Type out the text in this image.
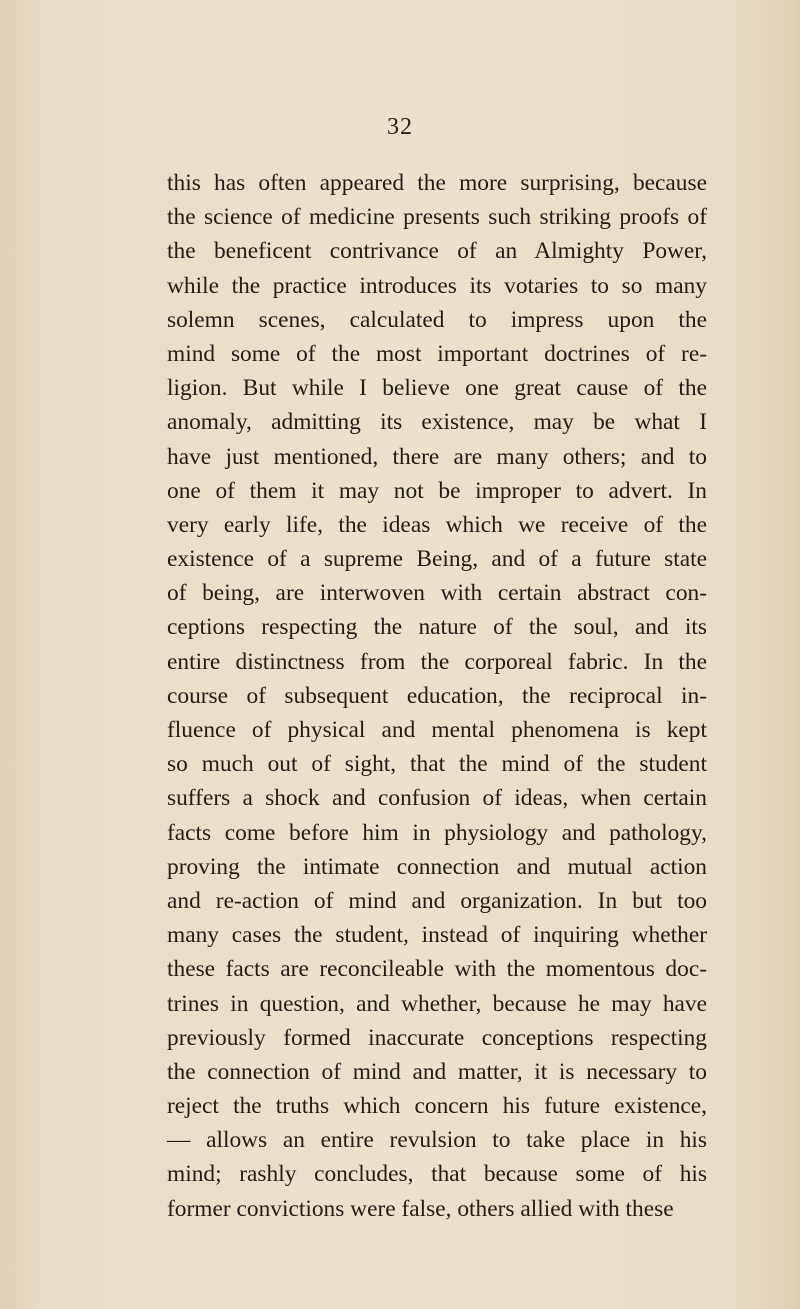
32
this has often appeared the more surprising, because
the science of medicine presents such striking proofs of
the beneficent contrivance of an Almighty Power,
while the practice introduces its votaries to so many
solemn scenes, calculated to impress upon the
mind some of the most important doctrines of re-
ligion. But while I believe one great cause of the
anomaly, admitting its existence, may be what I
have just mentioned, there are many others; and to
one of them it may not be improper to advert. In
very early life, the ideas which we receive of the
existence of a supreme Being, and of a future state
of being, are interwoven with certain abstract con-
ceptions respecting the nature of the soul, and its
entire distinctness from the corporeal fabric. In the
course of subsequent education, the reciprocal in-
fluence of physical and mental phenomena is kept
so much out of sight, that the mind of the student
suffers a shock and confusion of ideas, when certain
facts come before him in physiology and pathology,
proving the intimate connection and mutual action
and re-action of mind and organization. In but too
many cases the student, instead of inquiring whether
these facts are reconcileable with the momentous doc-
trines in question, and whether, because he may have
previously formed inaccurate conceptions respecting
the connection of mind and matter, it is necessary to
reject the truths which concern his future existence,
— allows an entire revulsion to take place in his
mind; rashly concludes, that because some of his
former convictions were false, others allied with these
